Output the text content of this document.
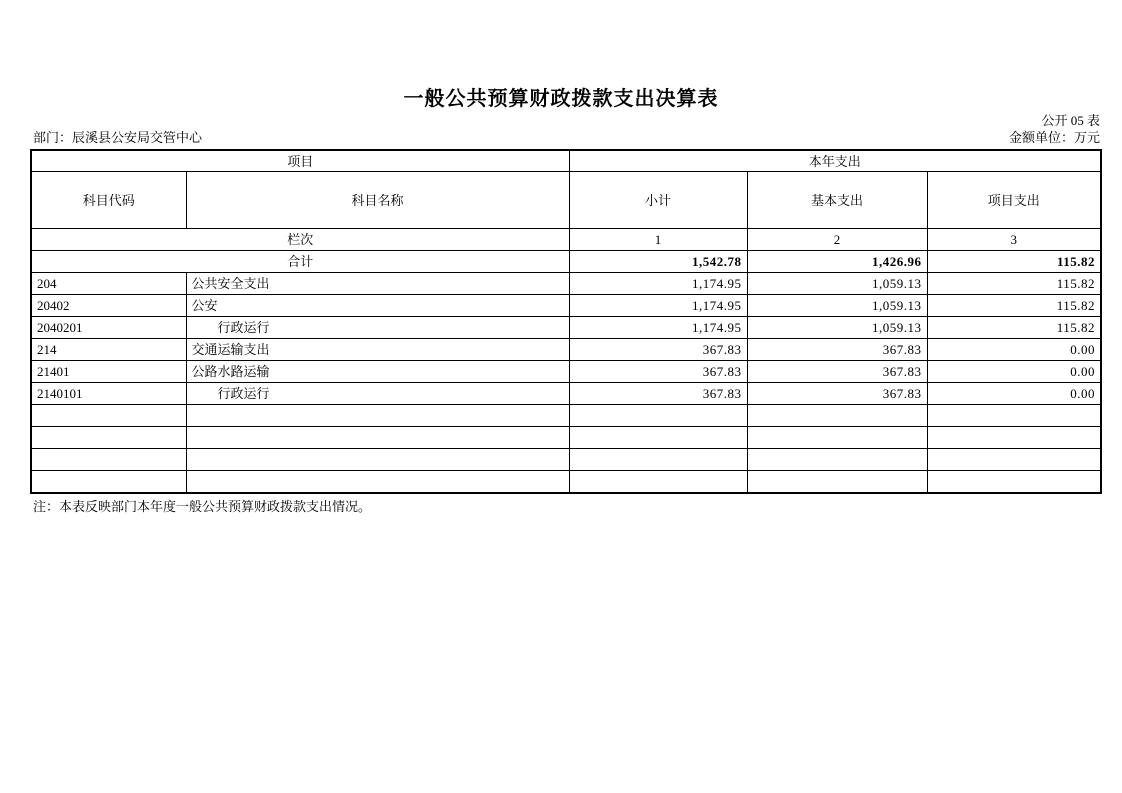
一般公共预算财政拨款支出决算表
公开 05 表
部门：辰溪县公安局交管中心	金额单位：万元
项目		本年支出		
科目代码	科目名称	小计	基本支出	项目支出
栏次		1	2	3
合计		1,542.78	1,426.96	115.82
204	公共安全支出	1,174.95	1,059.13	115.82
20402	公安	1,174.95	1,059.13	115.82
2040201	行政运行	1,174.95	1,059.13	115.82
214	交通运输支出	367.83	367.83	0.00
21401	公路水路运输	367.83	367.83	0.00
2140101	行政运行	367.83	367.83	0.00

注：本表反映部门本年度一般公共预算财政拨款支出情况。
